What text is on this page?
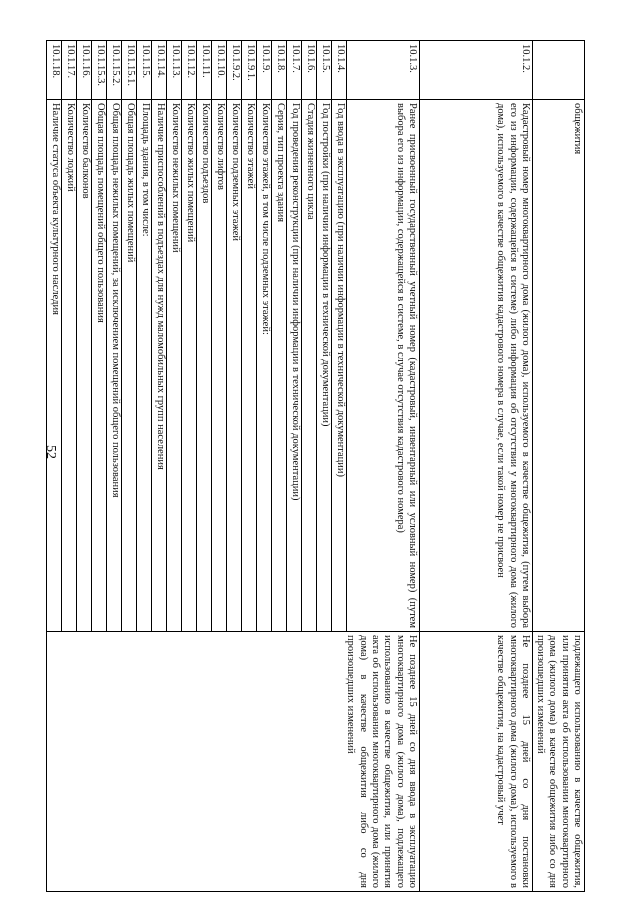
52
	общежития	подлежащего использованию в качестве общежития, или принятия акта об использовании многоквартирного дома (жилого дома) в качестве общежития либо со дня произошедших изменений
10.1.2.	Кадастровый номер многоквартирного дома (жилого дома), используемого в качестве общежития, (путем выбора его из информации, содержащейся в системе) либо информация об отсутствии у многоквартирного дома (жилого дома), используемого в качестве общежития кадастрового номера в случае, если такой номер не присвоен	Не позднее 15 дней со дня постановки многоквартирного дома (жилого дома), используемого в качестве общежития, на кадастровый учет
10.1.3.	Ранее присвоенный государственный учетный номер (кадастровый, инвентарный или условный номер) (путем выбора его из информации, содержащейся в системе, в случае отсутствия кадастрового номера)	Не позднее 15 дней со дня ввода в эксплуатацию многоквартирного дома (жилого дома), подлежащего использованию в качестве общежития, или принятия акта об использовании многоквартирного дома (жилого дома) в качестве общежития либо со дня произошедших изменений
10.1.4.	Год ввода в эксплуатацию (при наличии информации в технической документации)	
10.1.5.	Год постройки (при наличии информации в технической документации)	
10.1.6.	Стадия жизненного цикла	
10.1.7.	Год проведения реконструкции (при наличии информации в технической документации)	
10.1.8.	Серия, тип проекта здания	
10.1.9.	Количество этажей, в том числе подземных этажей:	
10.1.9.1.	Количество этажей	
10.1.9.2.	Количество подземных этажей	
10.1.10.	Количество лифтов	
10.1.11.	Количество подъездов	
10.1.12.	Количество жилых помещений	
10.1.13.	Количество нежилых помещений	
10.1.14.	Наличие приспособлений в подъездах для нужд маломобильных групп населения	
10.1.15.	Площадь здания, в том числе:	
10.1.15.1.	Общая площадь жилых помещений	
10.1.15.2.	Общая площадь нежилых помещений, за исключением помещений общего пользования	
10.1.15.3.	Общая площадь помещений общего пользования	
10.1.16.	Количество балконов	
10.1.17.	Количество лоджий	
10.1.18.	Наличие статуса объекта культурного наследия	
